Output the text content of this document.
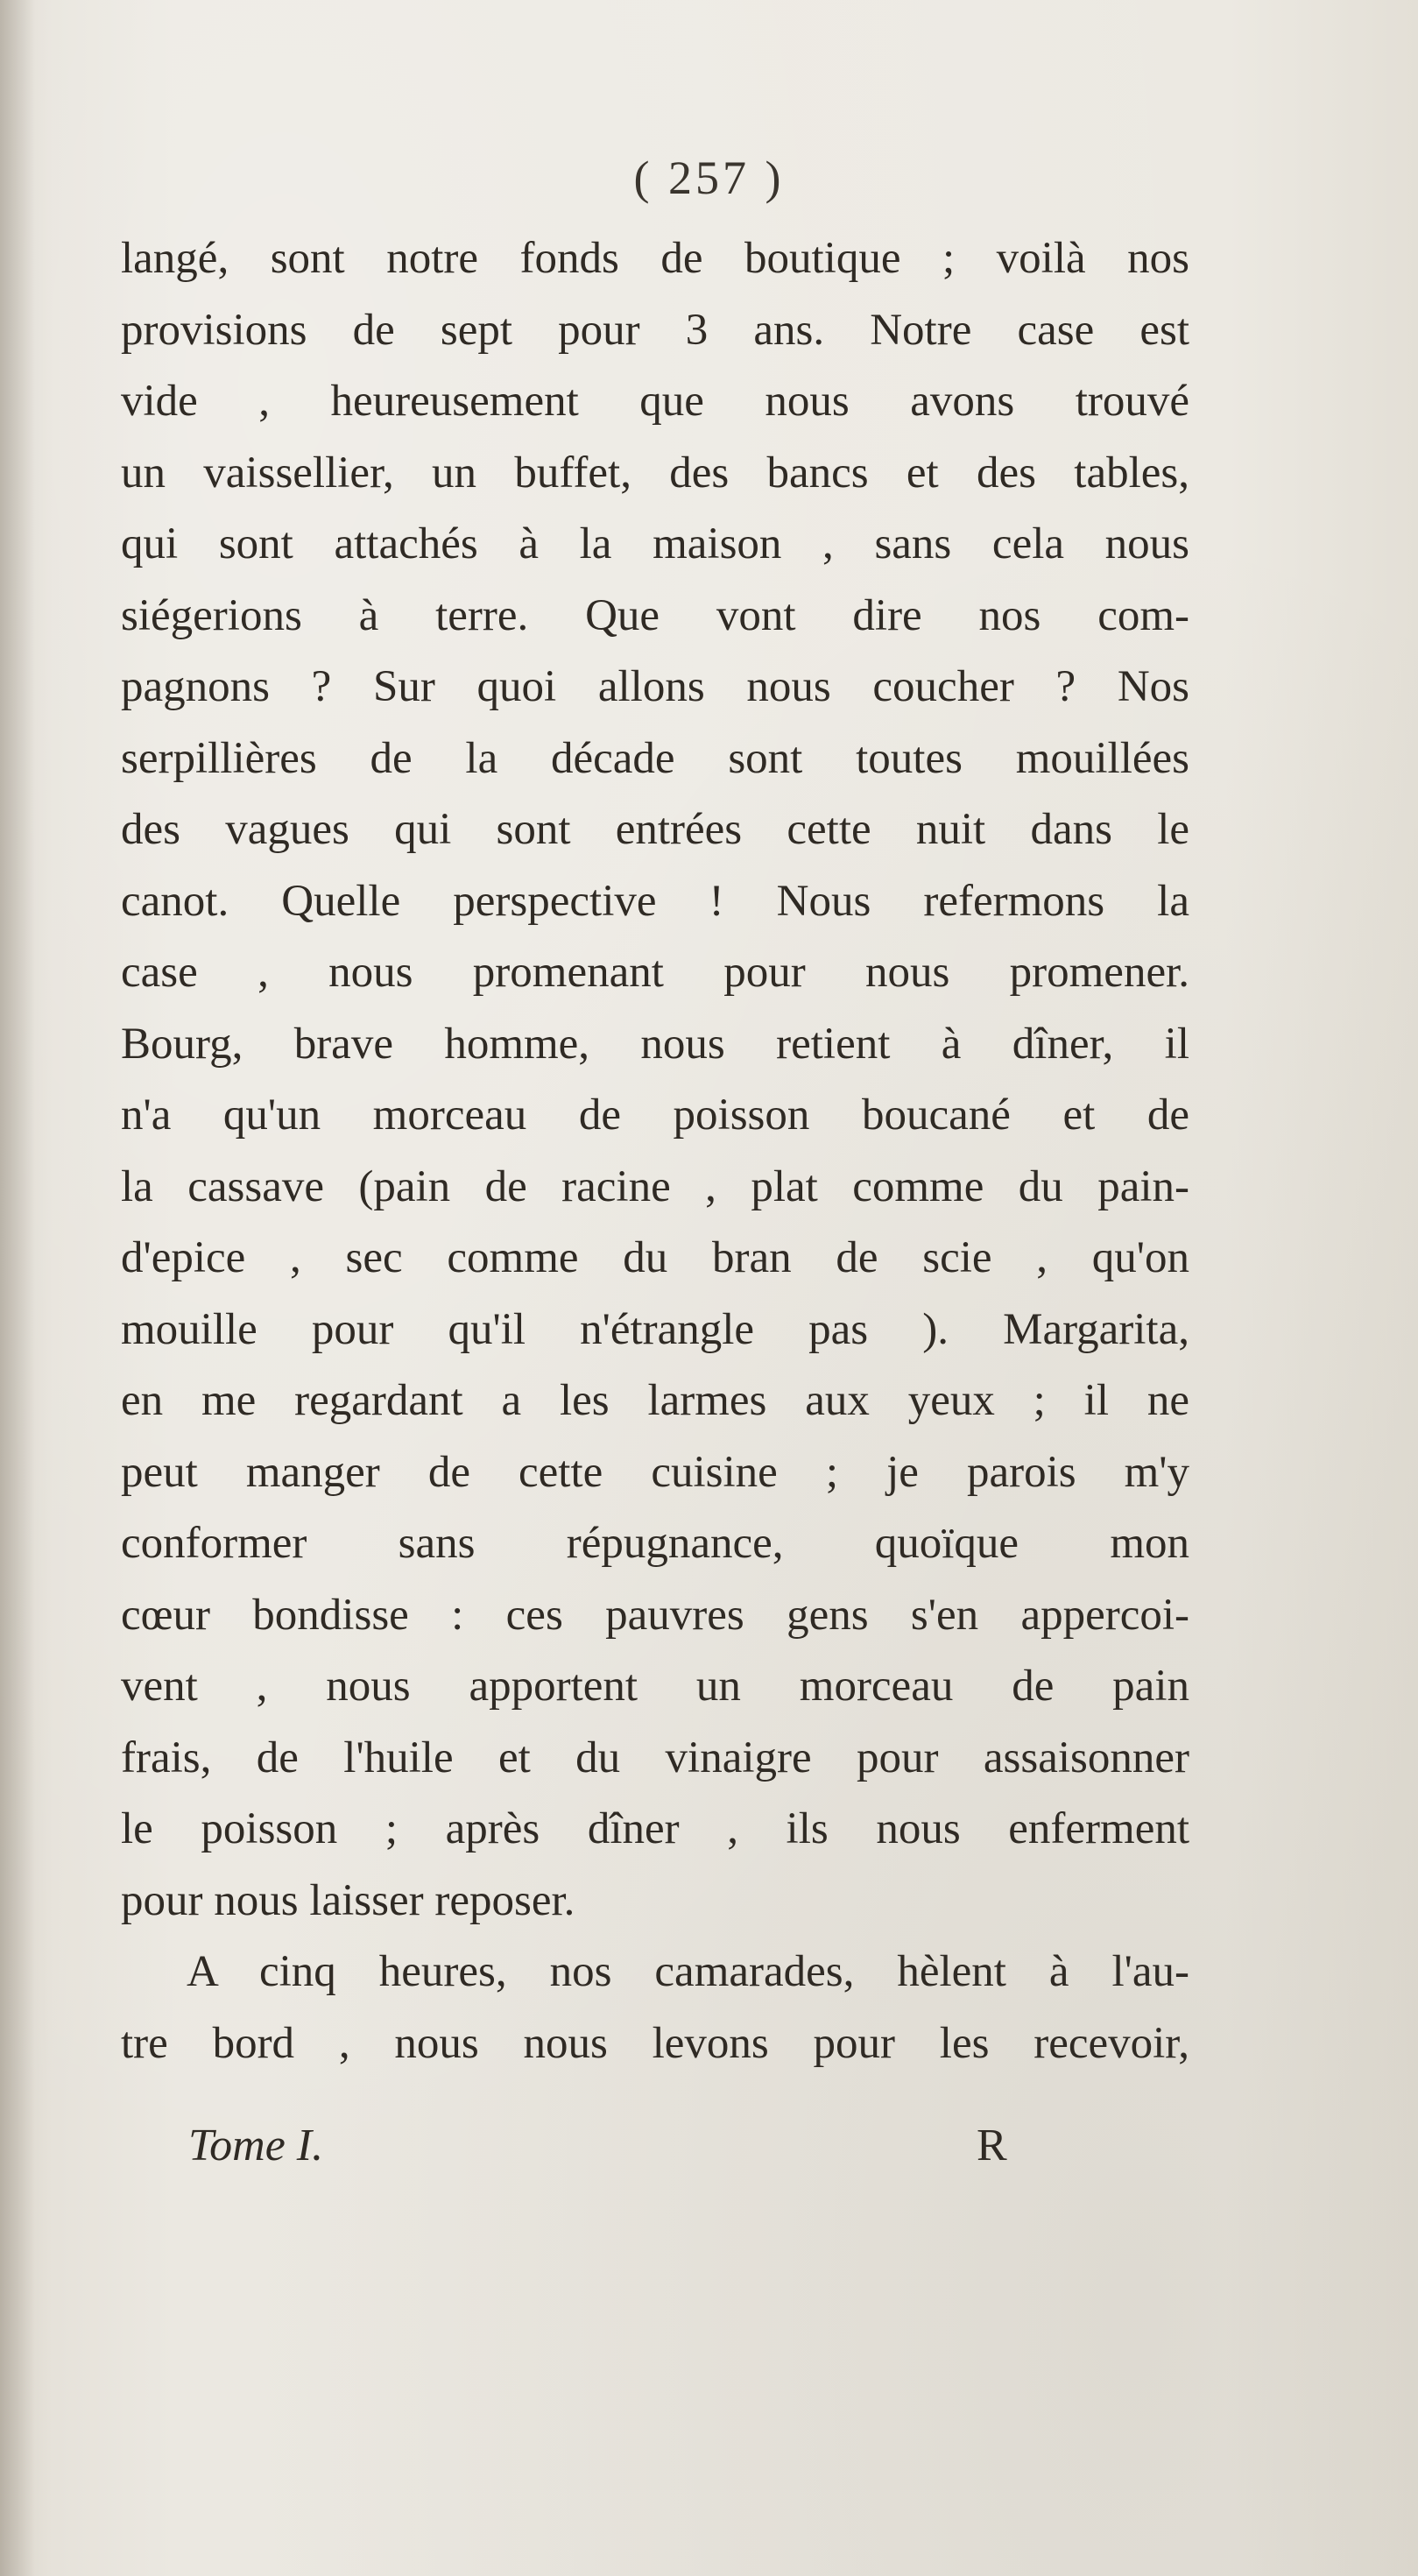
( 257 )
langé, sont notre fonds de boutique ; voilà nos
provisions de sept pour 3 ans. Notre case est
vide , heureusement que nous avons trouvé
un vaissellier, un buffet, des bancs et des tables,
qui sont attachés à la maison , sans cela nous
siégerions à terre. Que vont dire nos com-
pagnons ? Sur quoi allons nous coucher ? Nos
serpillières de la décade sont toutes mouillées
des vagues qui sont entrées cette nuit dans le
canot. Quelle perspective ! Nous refermons la
case , nous promenant pour nous promener.
Bourg, brave homme, nous retient à dîner, il
n'a qu'un morceau de poisson boucané et de
la cassave (pain de racine , plat comme du pain-
d'epice , sec comme du bran de scie , qu'on
mouille pour qu'il n'étrangle pas ). Margarita,
en me regardant a les larmes aux yeux ; il ne
peut manger de cette cuisine ; je parois m'y
conformer sans répugnance, quoïque mon
cœur bondisse : ces pauvres gens s'en appercoi-
vent , nous apportent un morceau de pain
frais, de l'huile et du vinaigre pour assaisonner
le poisson ; après dîner , ils nous enferment
pour nous laisser reposer.
A cinq heures, nos camarades, hèlent à l'au-
tre bord , nous nous levons pour les recevoir,
Tome I.	R
